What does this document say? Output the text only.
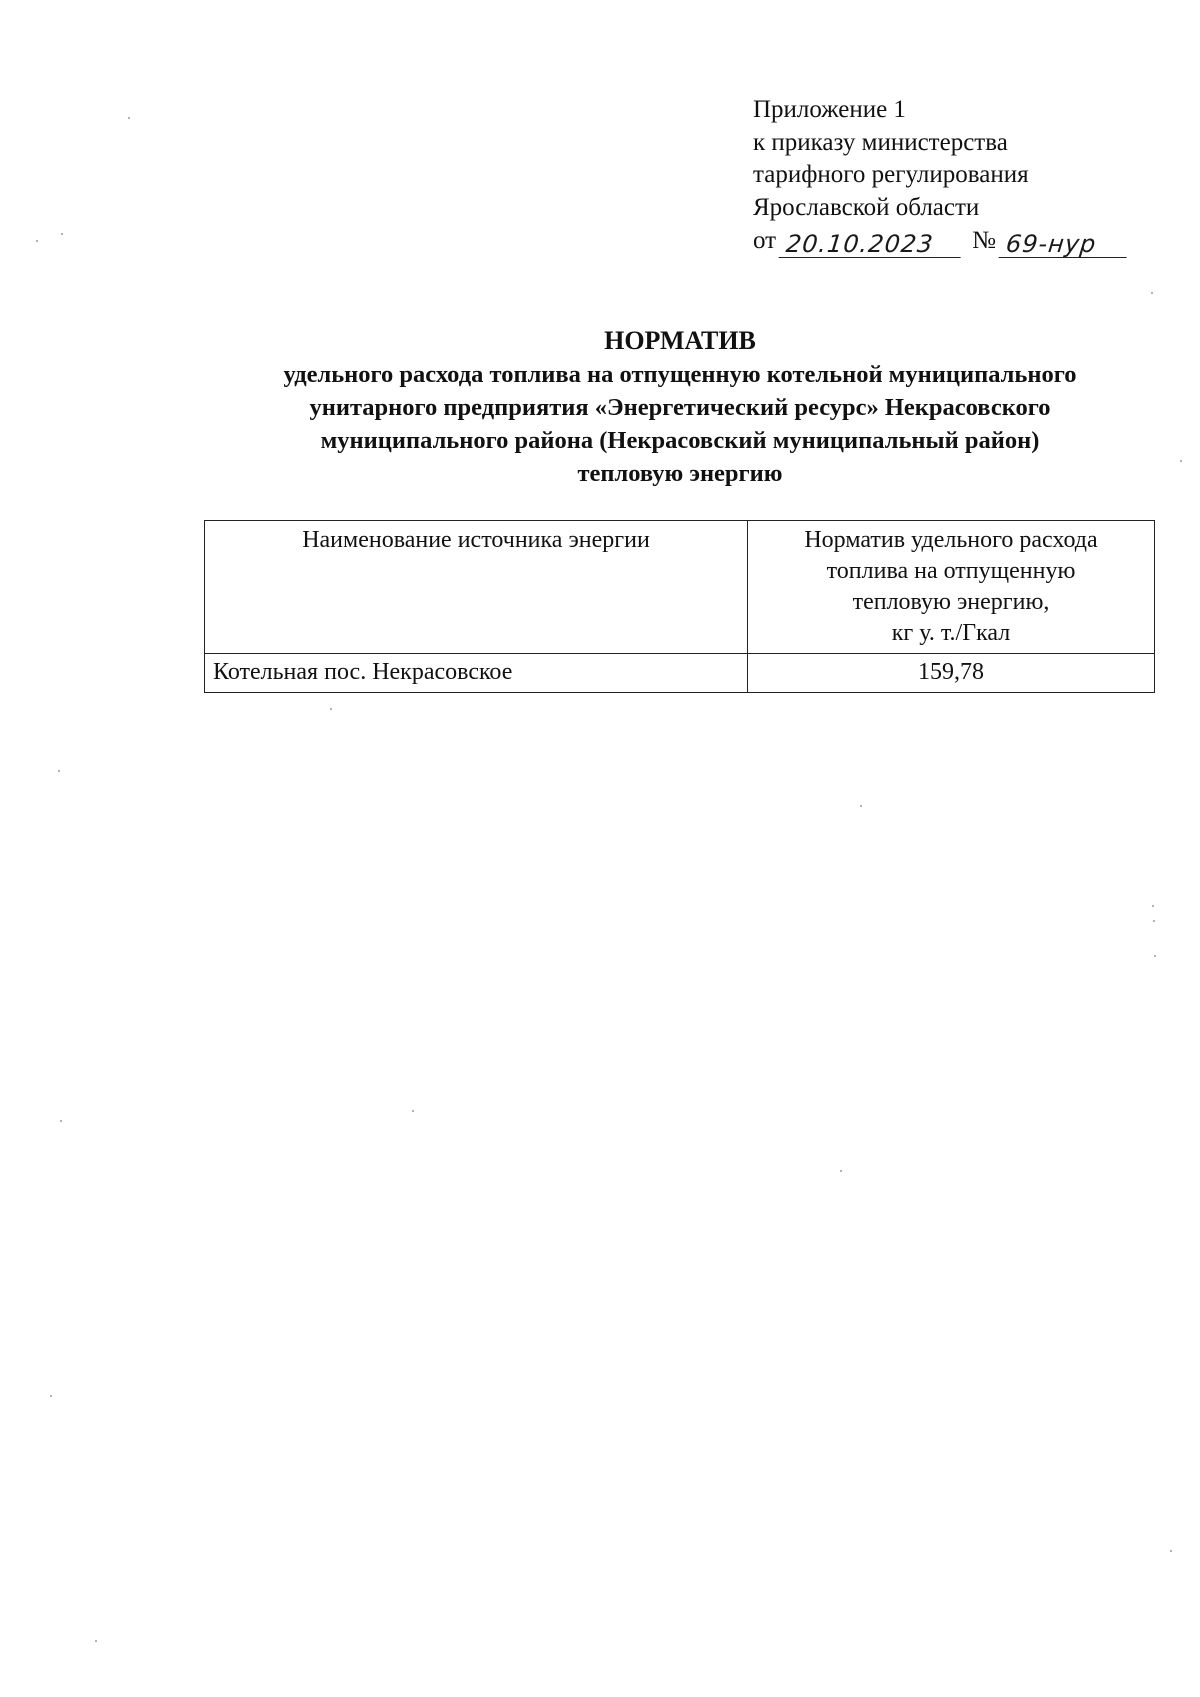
Приложение 1
к приказу министерства
тарифного регулирования
Ярославской области
от 20.10.2023	№ 69-нур
НОРМАТИВ
удельного расхода топлива на отпущенную котельной муниципального
унитарного предприятия «Энергетический ресурс» Некрасовского
муниципального района (Некрасовский муниципальный район)
тепловую энергию
Наименование источника энергии	Норматив удельного расхода
топлива на отпущенную
тепловую энергию,
кг у. т./Гкал

Котельная пос. Некрасовское	159,78
